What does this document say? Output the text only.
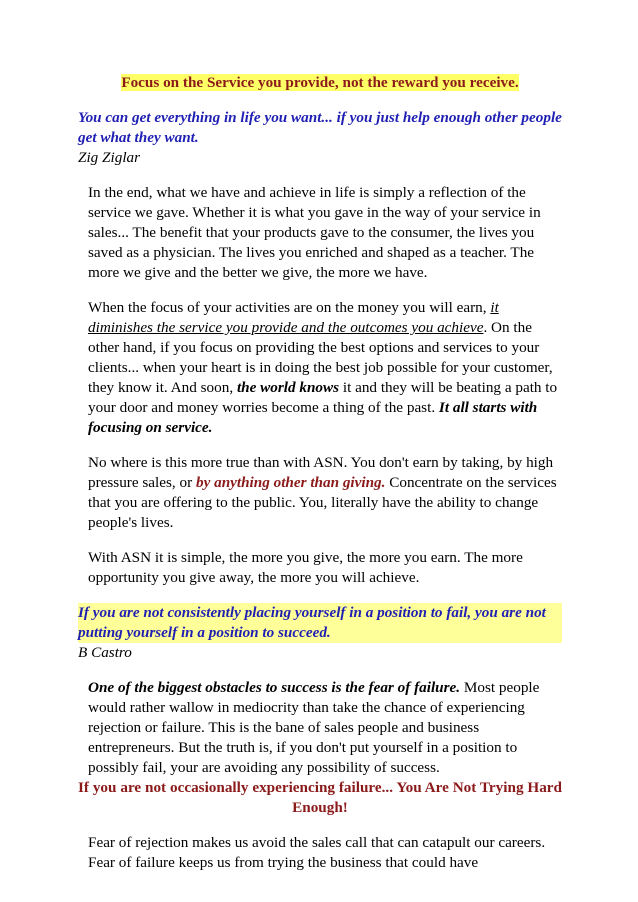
Focus on the Service you provide, not the reward you receive.
You can get everything in life you want... if you just help enough other people get what they want.
Zig Ziglar

In the end, what we have and achieve in life is simply a reflection of the service we gave. Whether it is what you gave in the way of your service in sales... The benefit that your products gave to the consumer, the lives you saved as a physician. The lives you enriched and shaped as a teacher. The more we give and the better we give, the more we have.

When the focus of your activities are on the money you will earn, it diminishes the service you provide and the outcomes you achieve. On the other hand, if you focus on providing the best options and services to your clients... when your heart is in doing the best job possible for your customer, they know it. And soon, the world knows it and they will be beating a path to your door and money worries become a thing of the past. It all starts with focusing on service.

No where is this more true than with ASN. You don't earn by taking, by high pressure sales, or by anything other than giving. Concentrate on the services that you are offering to the public. You, literally have the ability to change people's lives.

With ASN it is simple, the more you give, the more you earn. The more opportunity you give away, the more you will achieve.

If you are not consistently placing yourself in a position to fail, you are not putting yourself in a position to succeed.
B Castro

One of the biggest obstacles to success is the fear of failure. Most people would rather wallow in mediocrity than take the chance of experiencing rejection or failure. This is the bane of sales people and business entrepreneurs. But the truth is, if you don't put yourself in a position to possibly fail, your are avoiding any possibility of success.

If you are not occasionally experiencing failure... You Are Not Trying Hard Enough!

Fear of rejection makes us avoid the sales call that can catapult our careers. Fear of failure keeps us from trying the business that could have
